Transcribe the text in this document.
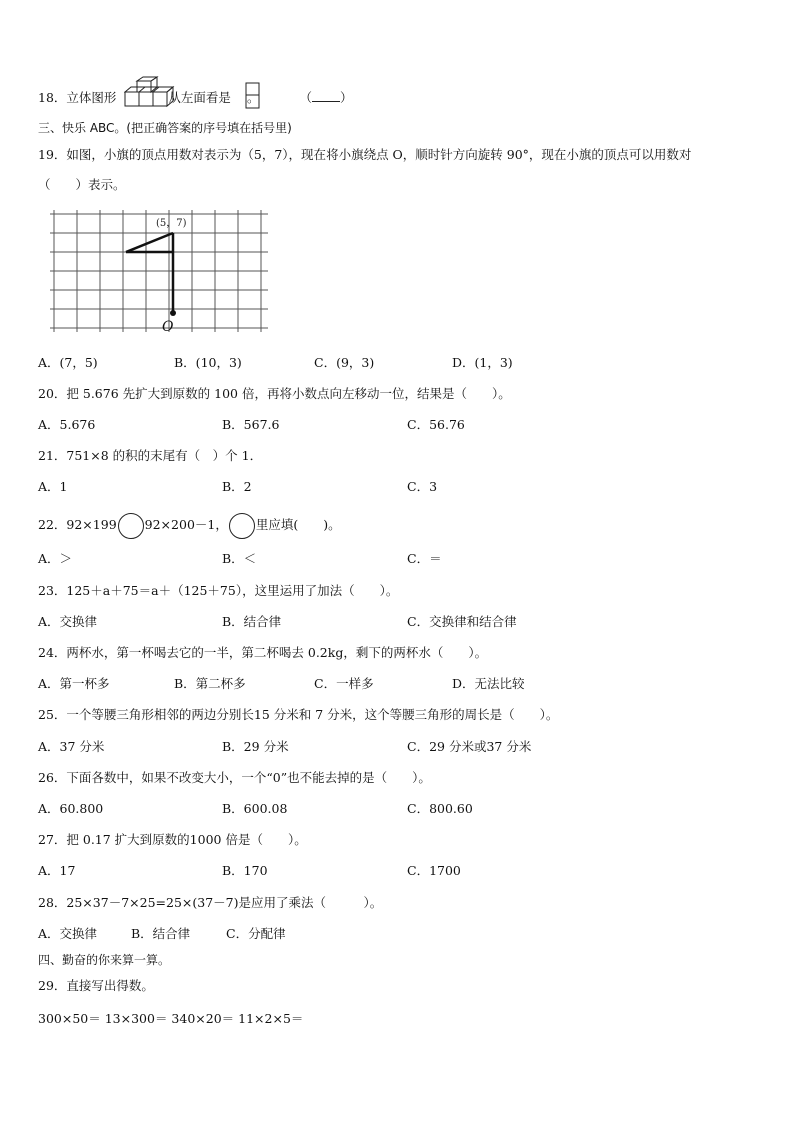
18．立体图形	从左面看是 。	（ ）
三、快乐 ABC。(把正确答案的序号填在括号里)
19．如图，小旗的顶点用数对表示为（5，7），现在将小旗绕点 O，顺时针方向旋转 90°，现在小旗的顶点可以用数对
（　　）表示。
(5，7)
O
A．(7，5)	B．(10，3)	C．(9，3)	D．(1，3)
20．把 5.676 先扩大到原数的 100 倍，再将小数点向左移动一位，结果是（　　）。
A．5.676	B．567.6	C．56.76
21．751×8 的积的末尾有（　）个 1．
A．1	B．2	C．3
22．92×199 92×200－1， 里应填(　　)。
A．＞	B．＜	C．＝
23．125＋a＋75＝a＋（125＋75），这里运用了加法（　　）。
A．交换律	B．结合律	C．交换律和结合律
24．两杯水，第一杯喝去它的一半，第二杯喝去 0.2kg，剩下的两杯水（　　）。
A．第一杯多	B．第二杯多	C．一样多	D．无法比较
25．一个等腰三角形相邻的两边分别长15 分米和 7 分米，这个等腰三角形的周长是（　　）。
A．37 分米	B．29 分米	C．29 分米或37 分米
26．下面各数中，如果不改变大小，一个“0”也不能去掉的是（　　）。
A．60.800	B．600.08	C．800.60
27．把 0.17 扩大到原数的1000 倍是（　　）。
A．17	B．170	C．1700
28．25×37－7×25=25×(37－7)是应用了乘法（　　　）。
A．交换律	B．结合律	C．分配律
四、勤奋的你来算一算。
29．直接写出得数。
300×50＝ 13×300＝ 340×20＝ 11×2×5＝
